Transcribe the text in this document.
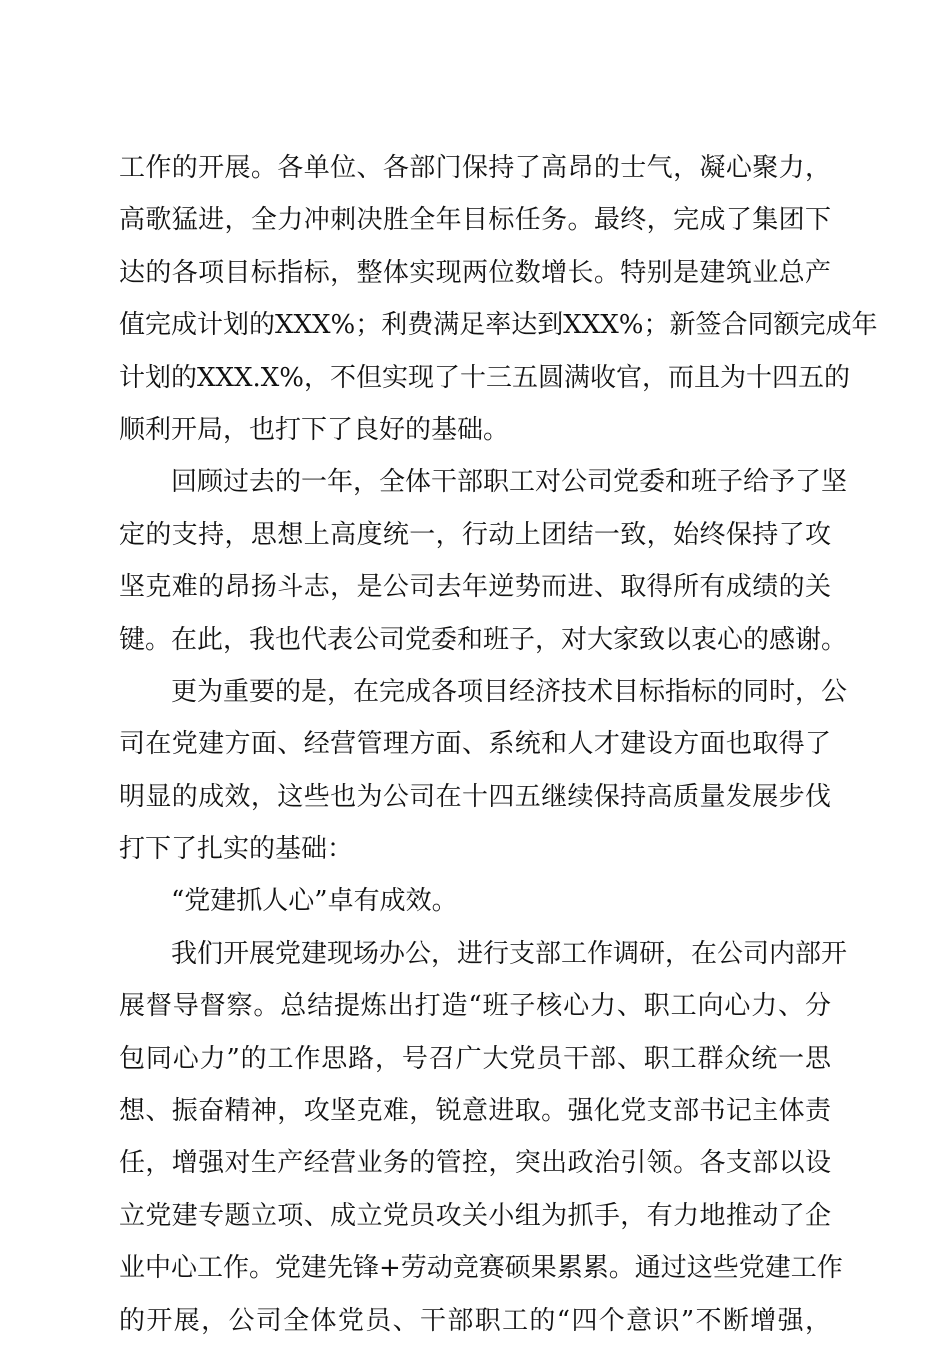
工作的开展。各单位、各部门保持了高昂的士气，凝心聚力，
高歌猛进，全力冲刺决胜全年目标任务。最终，完成了集团下
达的各项目标指标，整体实现两位数增长。特别是建筑业总产
值完成计划的XXX%；利费满足率达到XXX%；新签合同额完成年
计划的XXX.X%，不但实现了十三五圆满收官，而且为十四五的
顺利开局，也打下了良好的基础。
回顾过去的一年，全体干部职工对公司党委和班子给予了坚
定的支持，思想上高度统一，行动上团结一致，始终保持了攻
坚克难的昂扬斗志，是公司去年逆势而进、取得所有成绩的关
键。在此，我也代表公司党委和班子，对大家致以衷心的感谢。
更为重要的是，在完成各项目经济技术目标指标的同时，公
司在党建方面、经营管理方面、系统和人才建设方面也取得了
明显的成效，这些也为公司在十四五继续保持高质量发展步伐
打下了扎实的基础：
“党建抓人心”卓有成效。
我们开展党建现场办公，进行支部工作调研，在公司内部开
展督导督察。总结提炼出打造“班子核心力、职工向心力、分
包同心力”的工作思路，号召广大党员干部、职工群众统一思
想、振奋精神，攻坚克难，锐意进取。强化党支部书记主体责
任，增强对生产经营业务的管控，突出政治引领。各支部以设
立党建专题立项、成立党员攻关小组为抓手，有力地推动了企
业中心工作。党建先锋+劳动竞赛硕果累累。通过这些党建工作
的开展，公司全体党员、干部职工的“四个意识”不断增强，
